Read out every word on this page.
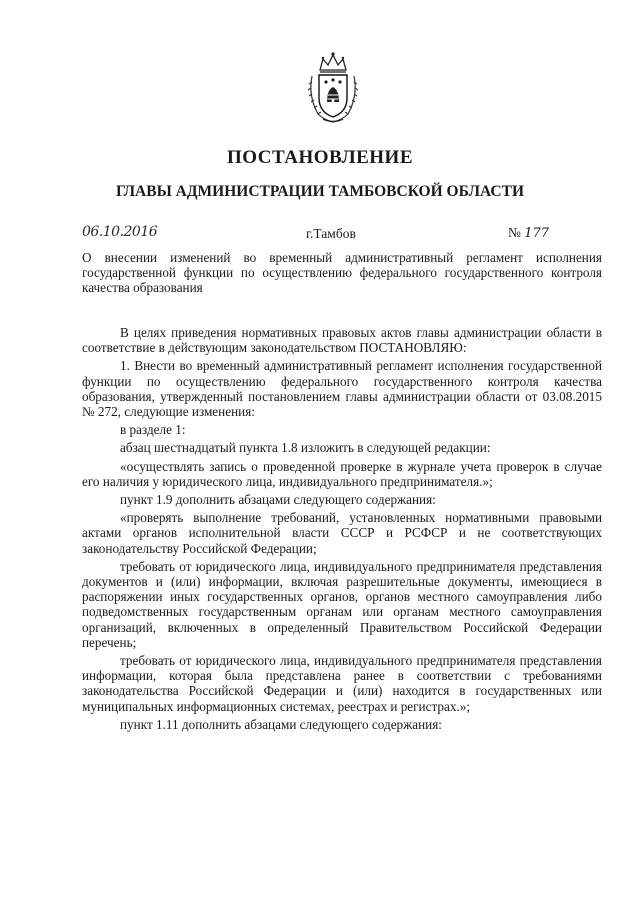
ПОСТАНОВЛЕНИЕ
ГЛАВЫ АДМИНИСТРАЦИИ ТАМБОВСКОЙ ОБЛАСТИ
06.10.2016	г.Тамбов	№ 177
О внесении изменений во временный административный регламент исполнения государственной функции по осуществлению федерального государственного контроля качества образования

В целях приведения нормативных правовых актов главы администрации области в соответствие в действующим законодательством ПОСТАНОВЛЯЮ:

1. Внести во временный административный регламент исполнения государственной функции по осуществлению федерального государственного контроля качества образования, утвержденный постановлением главы администрации области от 03.08.2015 № 272, следующие изменения:

в разделе 1:

абзац шестнадцатый пункта 1.8 изложить в следующей редакции:

«осуществлять запись о проведенной проверке в журнале учета проверок в случае его наличия у юридического лица, индивидуального предпринимателя.»;

пункт 1.9 дополнить абзацами следующего содержания:

«проверять выполнение требований, установленных нормативными правовыми актами органов исполнительной власти СССР и РСФСР и не соответствующих законодательству Российской Федерации;

требовать от юридического лица, индивидуального предпринимателя представления документов и (или) информации, включая разрешительные документы, имеющиеся в распоряжении иных государственных органов, органов местного самоуправления либо подведомственных государственным органам или органам местного самоуправления организаций, включенных в определенный Правительством Российской Федерации перечень;

требовать от юридического лица, индивидуального предпринимателя представления информации, которая была представлена ранее в соответствии с требованиями законодательства Российской Федерации и (или) находится в государственных или муниципальных информационных системах, реестрах и регистрах.»;

пункт 1.11 дополнить абзацами следующего содержания:
